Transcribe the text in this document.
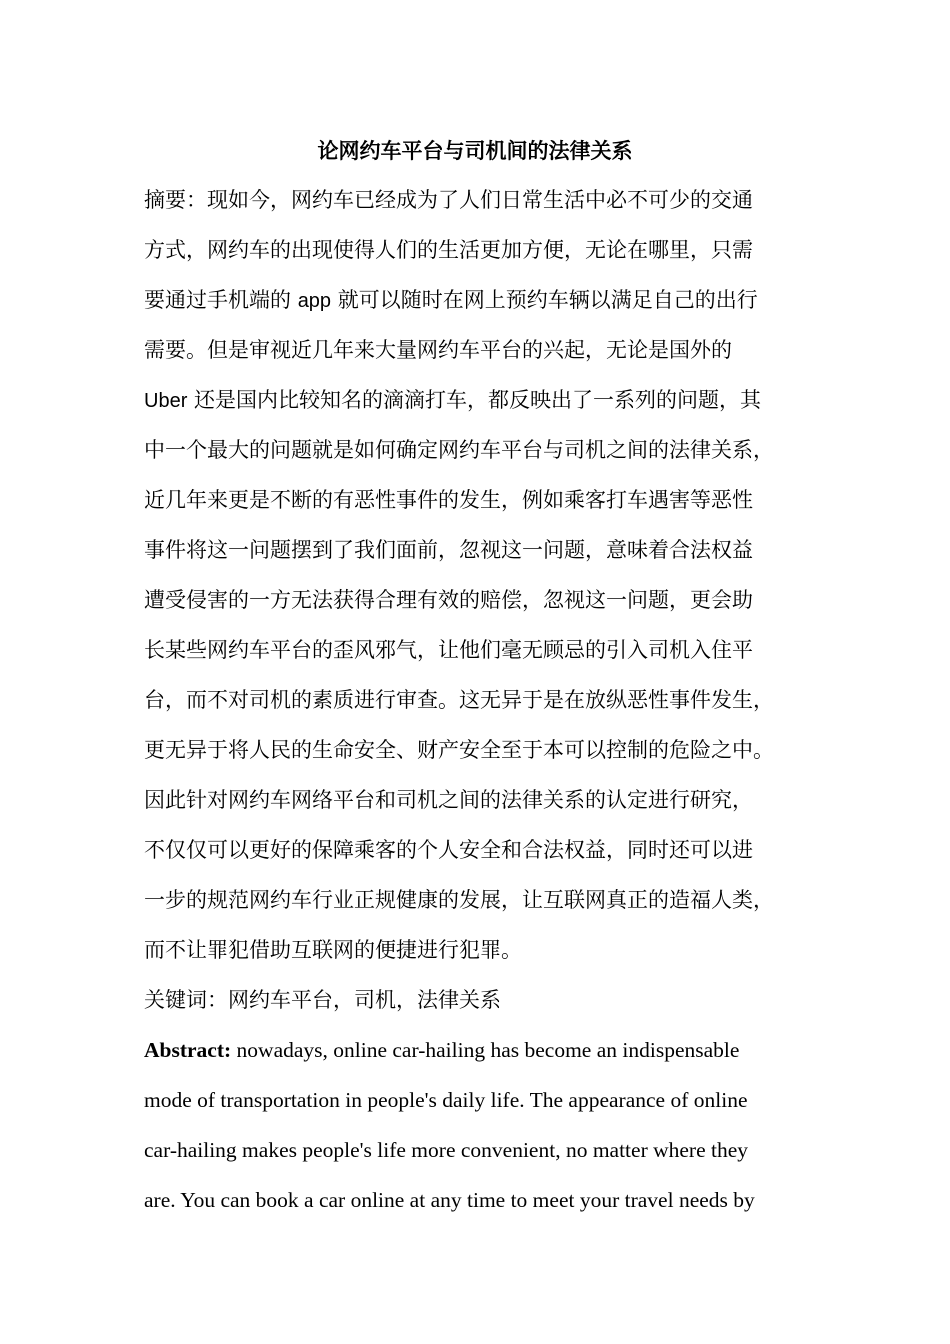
论网约车平台与司机间的法律关系
摘要：现如今，网约车已经成为了人们日常生活中必不可少的交通
方式，网约车的出现使得人们的生活更加方便，无论在哪里，只需
要通过手机端的 app 就可以随时在网上预约车辆以满足自己的出行
需要。但是审视近几年来大量网约车平台的兴起，无论是国外的
Uber 还是国内比较知名的滴滴打车，都反映出了一系列的问题，其
中一个最大的问题就是如何确定网约车平台与司机之间的法律关系，
近几年来更是不断的有恶性事件的发生，例如乘客打车遇害等恶性
事件将这一问题摆到了我们面前，忽视这一问题，意味着合法权益
遭受侵害的一方无法获得合理有效的赔偿，忽视这一问题，更会助
长某些网约车平台的歪风邪气，让他们毫无顾忌的引入司机入住平
台，而不对司机的素质进行审查。这无异于是在放纵恶性事件发生，
更无异于将人民的生命安全、财产安全至于本可以控制的危险之中。
因此针对网约车网络平台和司机之间的法律关系的认定进行研究，
不仅仅可以更好的保障乘客的个人安全和合法权益，同时还可以进
一步的规范网约车行业正规健康的发展，让互联网真正的造福人类，
而不让罪犯借助互联网的便捷进行犯罪。
关键词：网约车平台，司机，法律关系
Abstract: nowadays, online car-hailing has become an indispensable
mode of transportation in people's daily life. The appearance of online
car-hailing makes people's life more convenient, no matter where they
are. You can book a car online at any time to meet your travel needs by
